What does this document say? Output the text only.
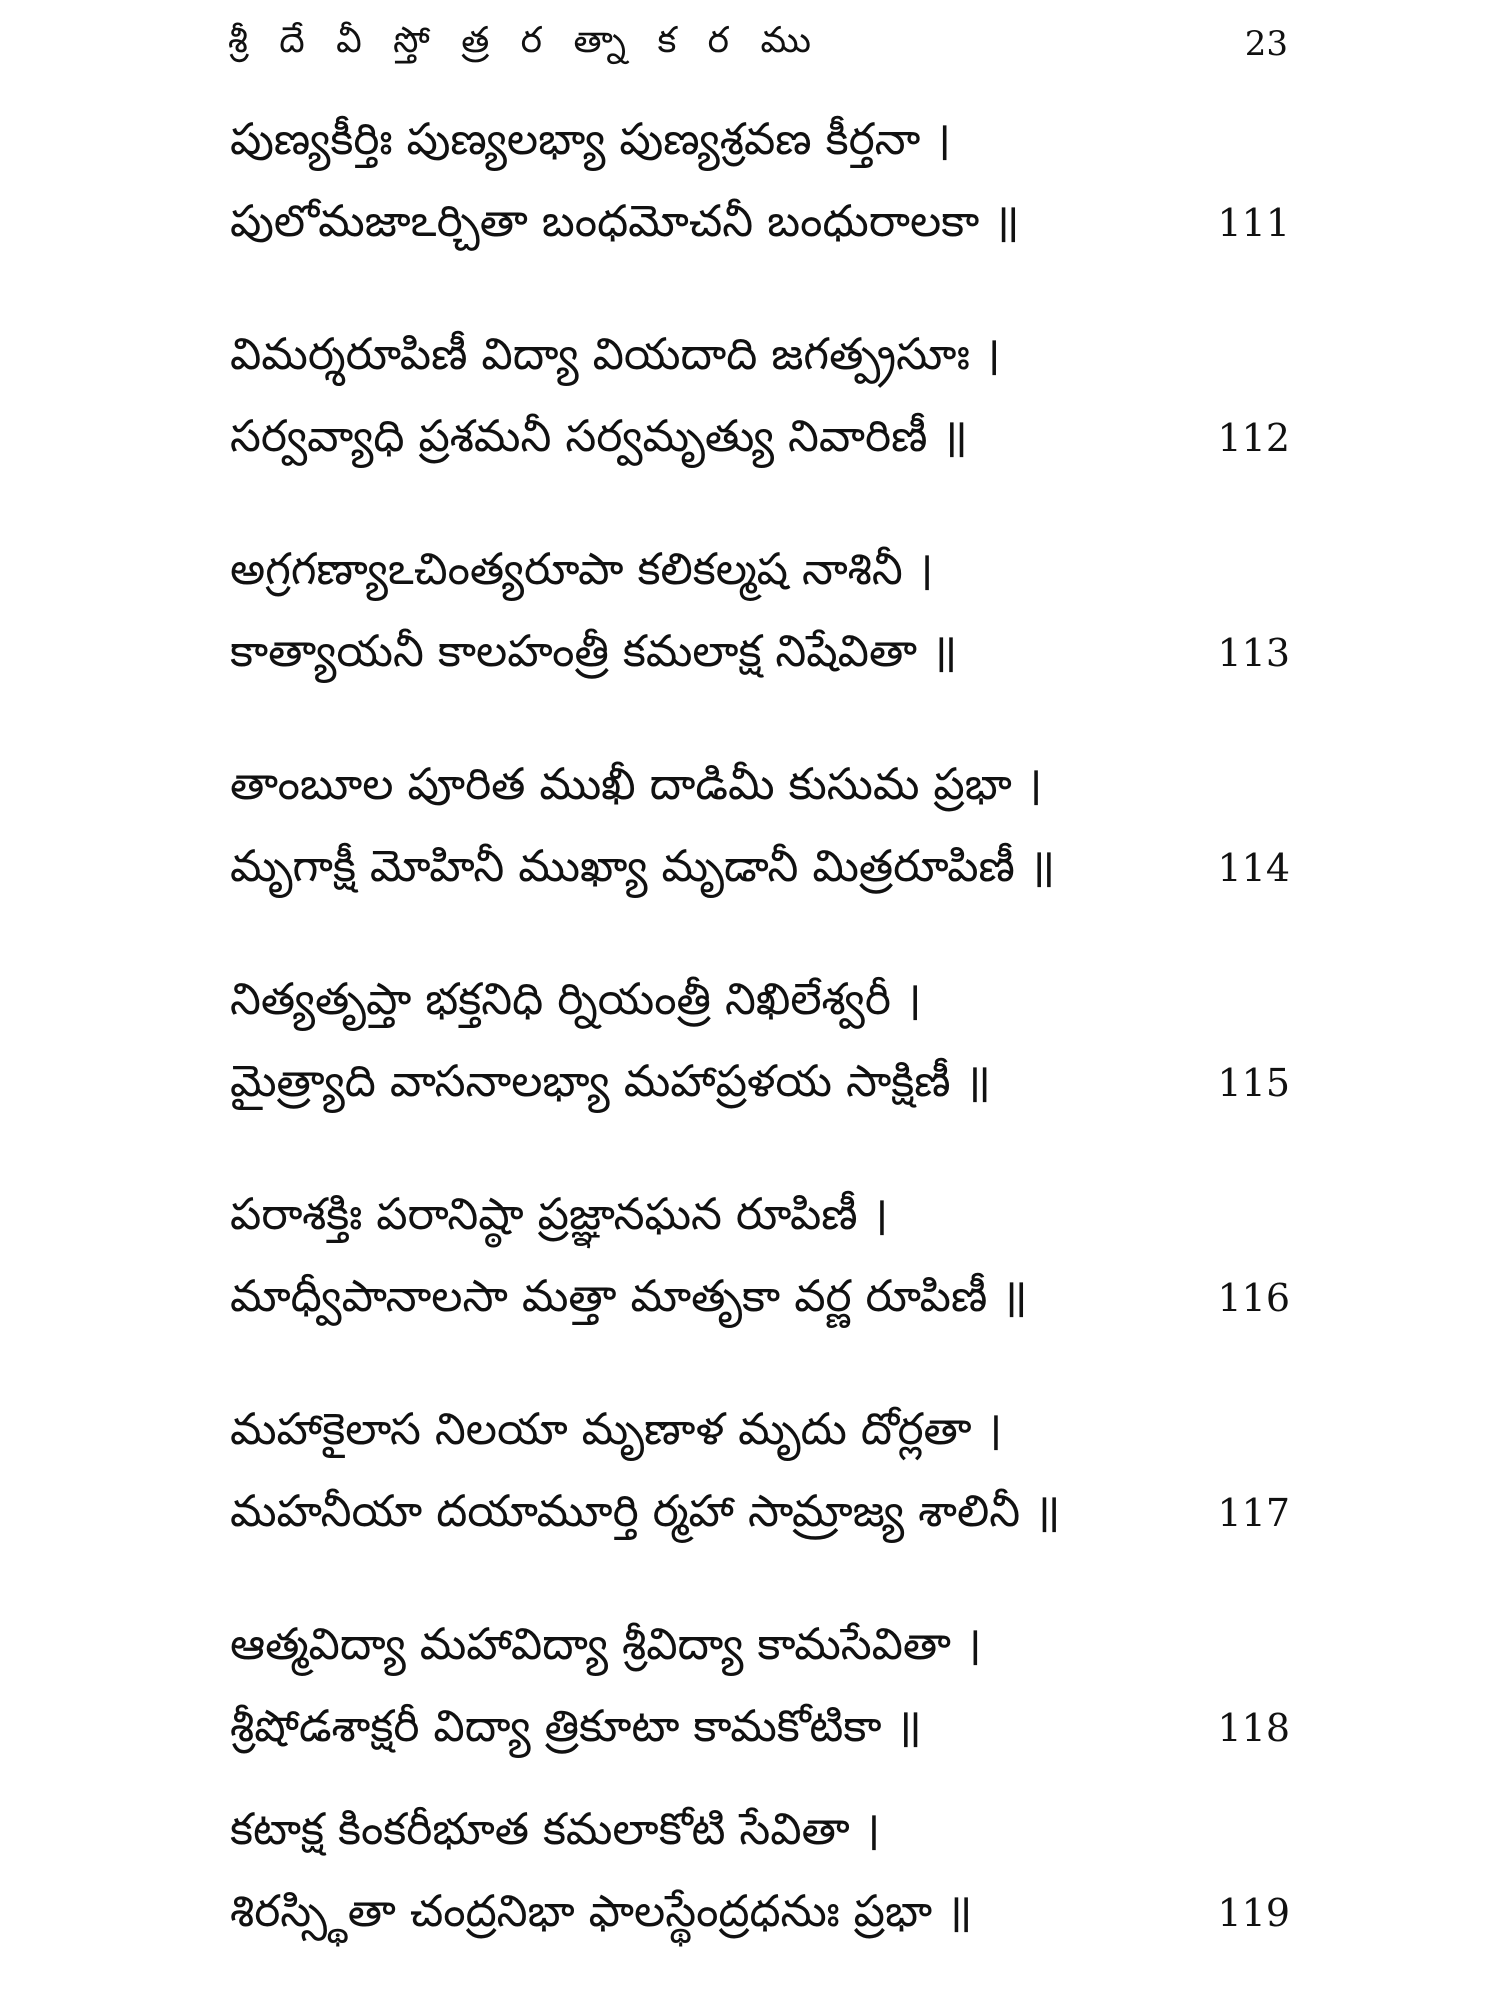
శ్రీ దే వీ స్తో త్ర ర త్నా క ర ము	23
పుణ్యకీర్తిః పుణ్యలభ్యా పుణ్యశ్రవణ కీర్తనా ।
పులోమజాఽర్చితా బంధమోచనీ బంధురాలకా ॥	111
విమర్శరూపిణీ విద్యా వియదాది జగత్ప్రసూః ।
సర్వవ్యాధి ప్రశమనీ సర్వమృత్యు నివారిణీ ॥	112
అగ్రగణ్యాఽచింత్యరూపా కలికల్మష నాశినీ ।
కాత్యాయనీ కాలహంత్రీ కమలాక్ష నిషేవితా ॥	113
తాంబూల పూరిత ముఖీ దాడిమీ కుసుమ ప్రభా ।
మృగాక్షీ మోహినీ ముఖ్యా మృడానీ మిత్రరూపిణీ ॥	114
నిత్యతృప్తా భక్తనిధి ర్నియంత్రీ నిఖిలేశ్వరీ ।
మైత్ర్యాది వాసనాలభ్యా మహాప్రళయ సాక్షిణీ ॥	115
పరాశక్తిః పరానిష్ఠా ప్రజ్ఞానఘన రూపిణీ ।
మాధ్వీపానాలసా మత్తా మాతృకా వర్ణ రూపిణీ ॥	116
మహాకైలాస నిలయా మృణాళ మృదు దోర్లతా ।
మహనీయా దయామూర్తి ర్మహా సామ్రాజ్య శాలినీ ॥	117
ఆత్మవిద్యా మహావిద్యా శ్రీవిద్యా కామసేవితా ।
శ్రీషోడశాక్షరీ విద్యా త్రికూటా కామకోటికా ॥	118
కటాక్ష కింకరీభూత కమలాకోటి సేవితా ।
శిరస్స్థితా చంద్రనిభా ఫాలస్థేంద్రధనుః ప్రభా ॥	119
